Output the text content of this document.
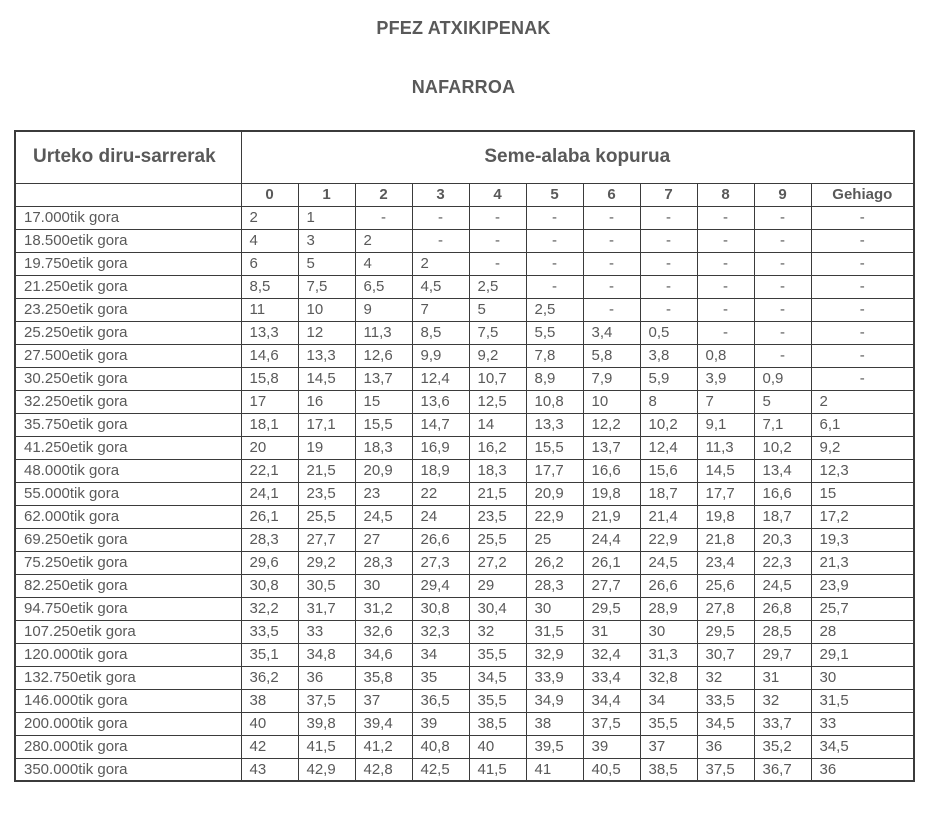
PFEZ ATXIKIPENAK
NAFARROA
Urteko diru-sarrerak	Seme-alaba kopurua										
	0	1	2	3	4	5	6	7	8	9	Gehiago
17.000tik gora	2	1	-	-	-	-	-	-	-	-	-
18.500etik gora	4	3	2	-	-	-	-	-	-	-	-
19.750etik gora	6	5	4	2	-	-	-	-	-	-	-
21.250etik gora	8,5	7,5	6,5	4,5	2,5	-	-	-	-	-	-
23.250etik gora	11	10	9	7	5	2,5	-	-	-	-	-
25.250etik gora	13,3	12	11,3	8,5	7,5	5,5	3,4	0,5	-	-	-
27.500etik gora	14,6	13,3	12,6	9,9	9,2	7,8	5,8	3,8	0,8	-	-
30.250etik gora	15,8	14,5	13,7	12,4	10,7	8,9	7,9	5,9	3,9	0,9	-
32.250etik gora	17	16	15	13,6	12,5	10,8	10	8	7	5	2
35.750etik gora	18,1	17,1	15,5	14,7	14	13,3	12,2	10,2	9,1	7,1	6,1
41.250etik gora	20	19	18,3	16,9	16,2	15,5	13,7	12,4	11,3	10,2	9,2
48.000tik gora	22,1	21,5	20,9	18,9	18,3	17,7	16,6	15,6	14,5	13,4	12,3
55.000tik gora	24,1	23,5	23	22	21,5	20,9	19,8	18,7	17,7	16,6	15
62.000tik gora	26,1	25,5	24,5	24	23,5	22,9	21,9	21,4	19,8	18,7	17,2
69.250etik gora	28,3	27,7	27	26,6	25,5	25	24,4	22,9	21,8	20,3	19,3
75.250etik gora	29,6	29,2	28,3	27,3	27,2	26,2	26,1	24,5	23,4	22,3	21,3
82.250etik gora	30,8	30,5	30	29,4	29	28,3	27,7	26,6	25,6	24,5	23,9
94.750etik gora	32,2	31,7	31,2	30,8	30,4	30	29,5	28,9	27,8	26,8	25,7
107.250etik gora	33,5	33	32,6	32,3	32	31,5	31	30	29,5	28,5	28
120.000tik gora	35,1	34,8	34,6	34	35,5	32,9	32,4	31,3	30,7	29,7	29,1
132.750etik gora	36,2	36	35,8	35	34,5	33,9	33,4	32,8	32	31	30
146.000tik gora	38	37,5	37	36,5	35,5	34,9	34,4	34	33,5	32	31,5
200.000tik gora	40	39,8	39,4	39	38,5	38	37,5	35,5	34,5	33,7	33
280.000tik gora	42	41,5	41,2	40,8	40	39,5	39	37	36	35,2	34,5
350.000tik gora	43	42,9	42,8	42,5	41,5	41	40,5	38,5	37,5	36,7	36
